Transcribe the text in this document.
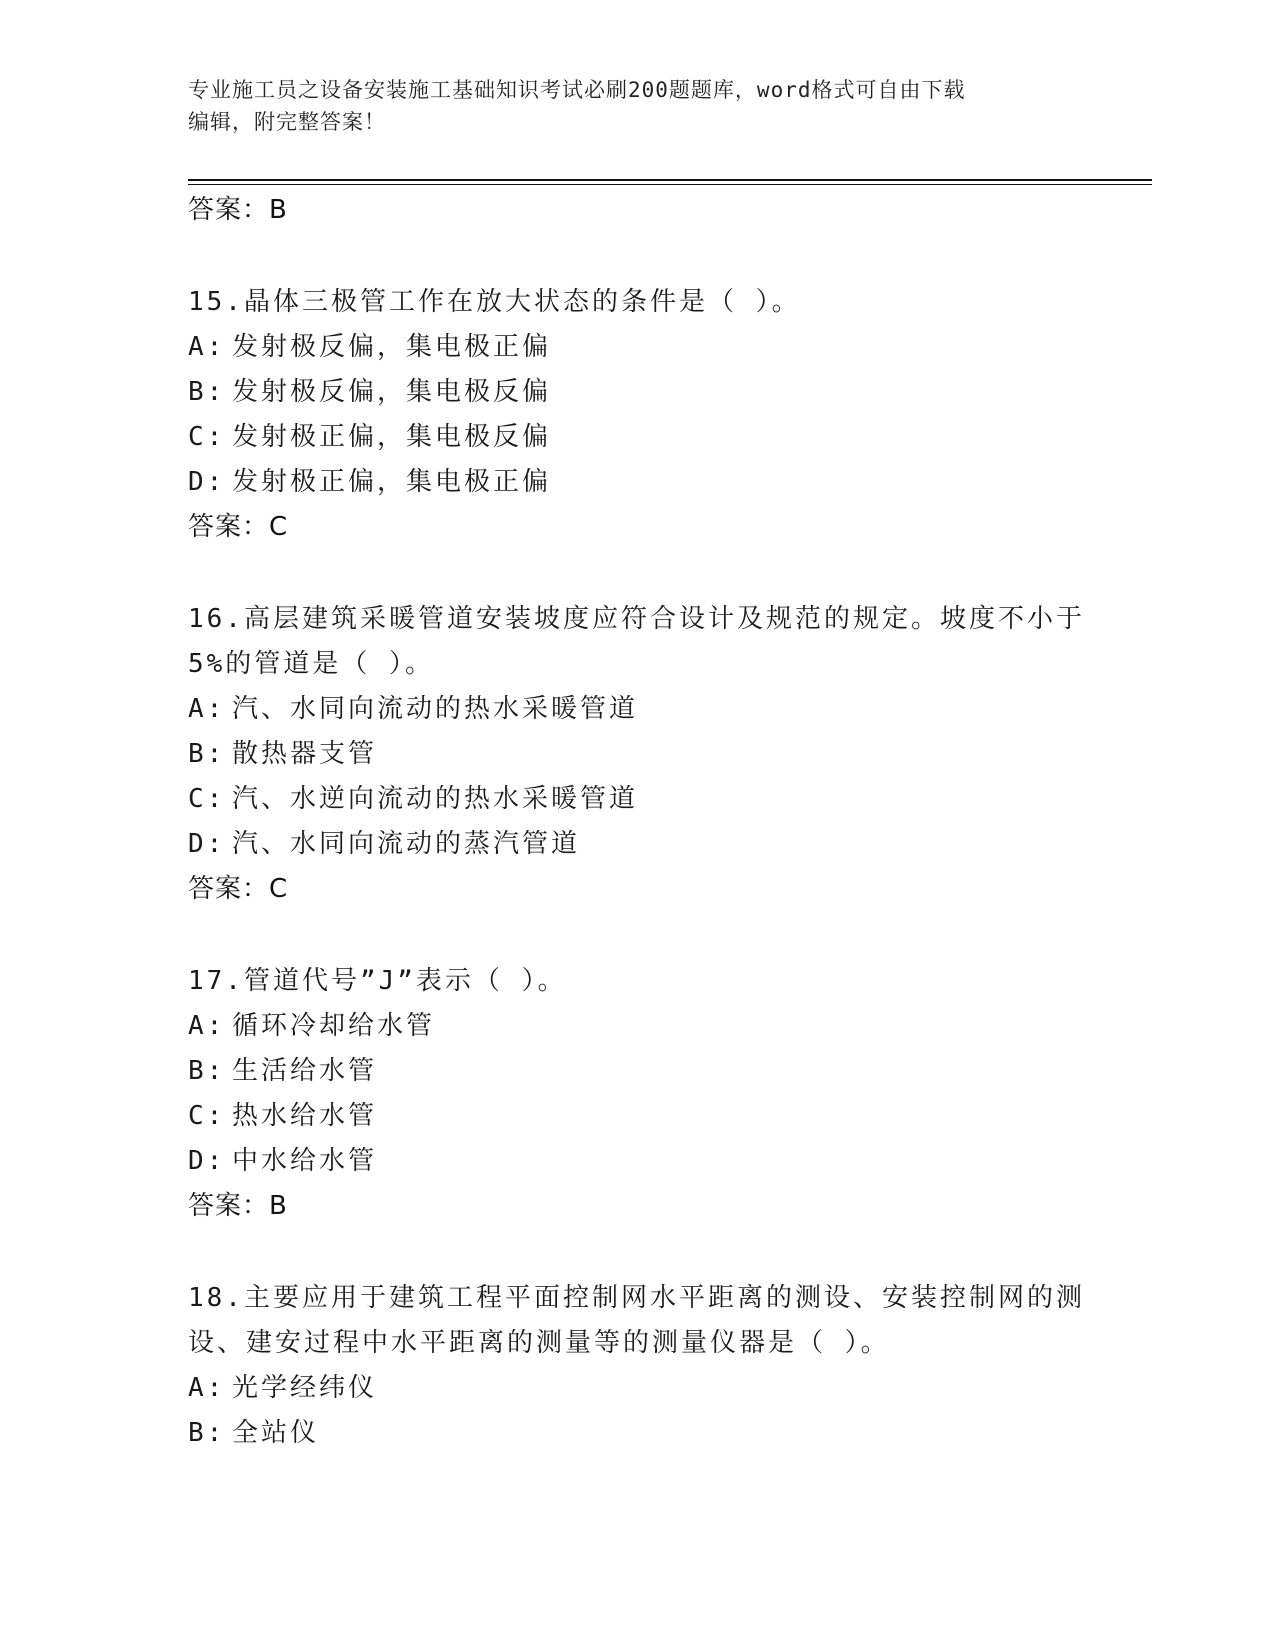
专业施工员之设备安装施工基础知识考试必刷200题题库，word格式可自由下载
编辑，附完整答案！

答案：B

15.晶体三极管工作在放大状态的条件是（ ）。

A: 发射极反偏，集电极正偏

B: 发射极反偏，集电极反偏

C: 发射极正偏，集电极反偏

D: 发射极正偏，集电极正偏

答案：C

16.高层建筑采暖管道安装坡度应符合设计及规范的规定。坡度不小于

5%的管道是（ ）。

A: 汽、水同向流动的热水采暖管道

B: 散热器支管

C: 汽、水逆向流动的热水采暖管道

D: 汽、水同向流动的蒸汽管道

答案：C

17.管道代号”J”表示（ ）。

A: 循环冷却给水管

B: 生活给水管

C: 热水给水管

D: 中水给水管

答案：B

18.主要应用于建筑工程平面控制网水平距离的测设、安装控制网的测

设、建安过程中水平距离的测量等的测量仪器是（ ）。

A: 光学经纬仪

B: 全站仪
